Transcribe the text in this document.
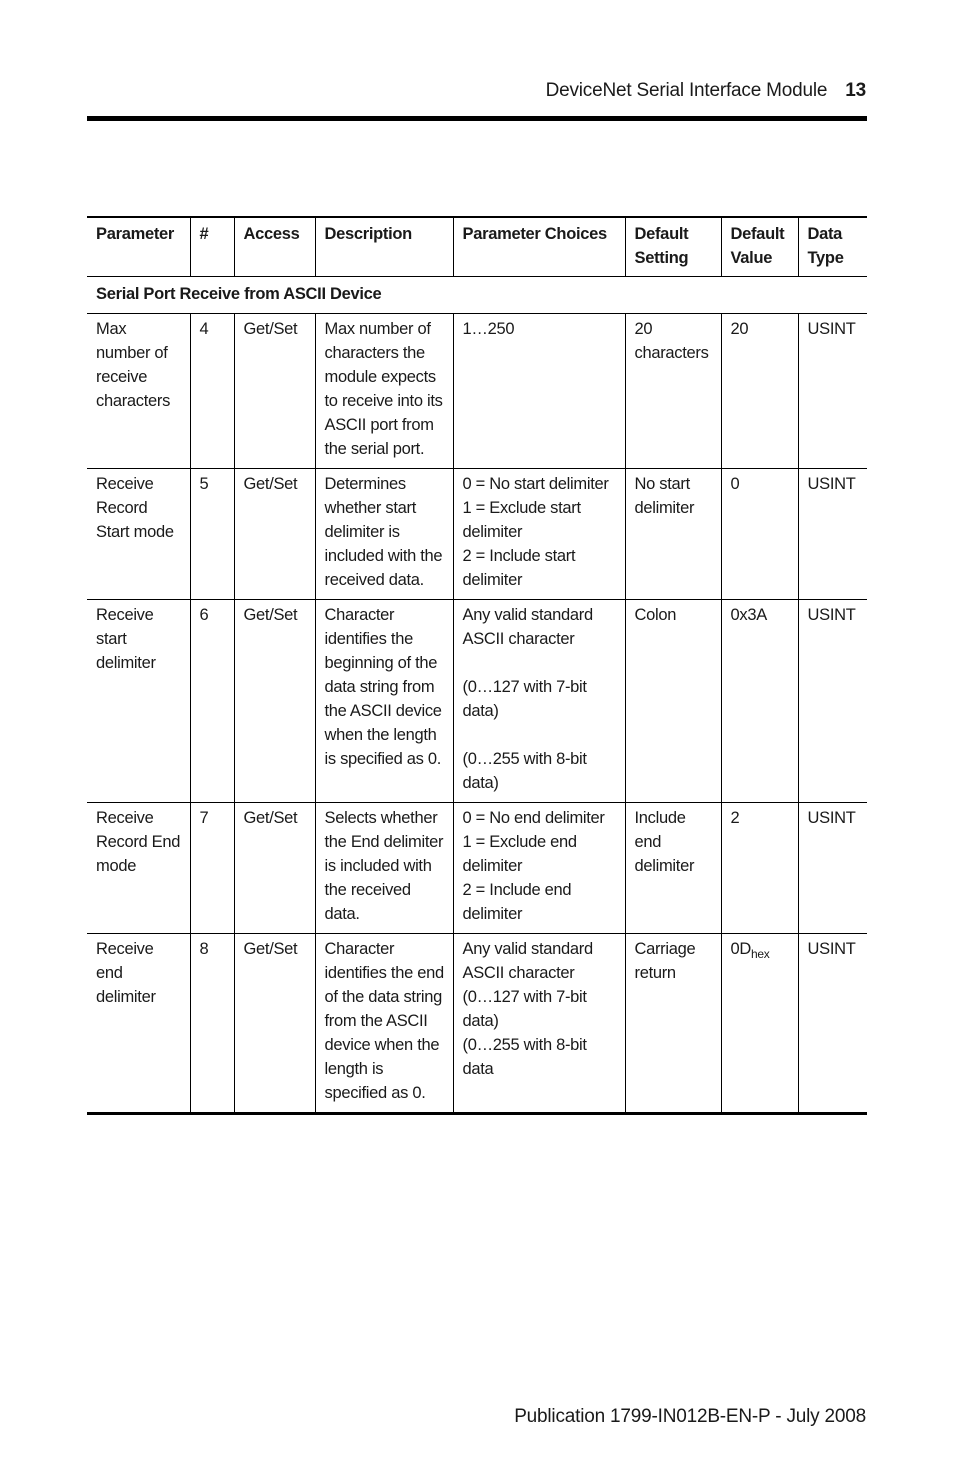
DeviceNet Serial Interface Module 13
Parameter	#	Access	Description	Parameter Choices	Default Setting	Default Value	Data Type
Serial Port Receive from ASCII Device							
Max number of receive characters	4	Get/Set	Max number of characters the module expects to receive into its ASCII port from the serial port.	1…250	20 characters	20	USINT
Receive Record Start mode	5	Get/Set	Determines whether start delimiter is included with the received data.	0 = No start delimiter
1 = Exclude start delimiter
2 = Include start delimiter	No start delimiter	0	USINT
Receive start delimiter	6	Get/Set	Character identifies the beginning of the data string from the ASCII device when the length is specified as 0.	Any valid standard ASCII character
(0…127 with 7-bit data)
(0…255 with 8-bit data)	Colon	0x3A	USINT
Receive Record End mode	7	Get/Set	Selects whether the End delimiter is included with the received data.	0 = No end delimiter
1 = Exclude end delimiter
2 = Include end delimiter	Include end delimiter	2	USINT
Receive end delimiter	8	Get/Set	Character identifies the end of the data string from the ASCII device when the length is specified as 0.	Any valid standard ASCII character
(0…127 with 7-bit data)
(0…255 with 8-bit data	Carriage return	$0D_{hex}$	USINT
Publication 1799-IN012B-EN-P - July 2008
